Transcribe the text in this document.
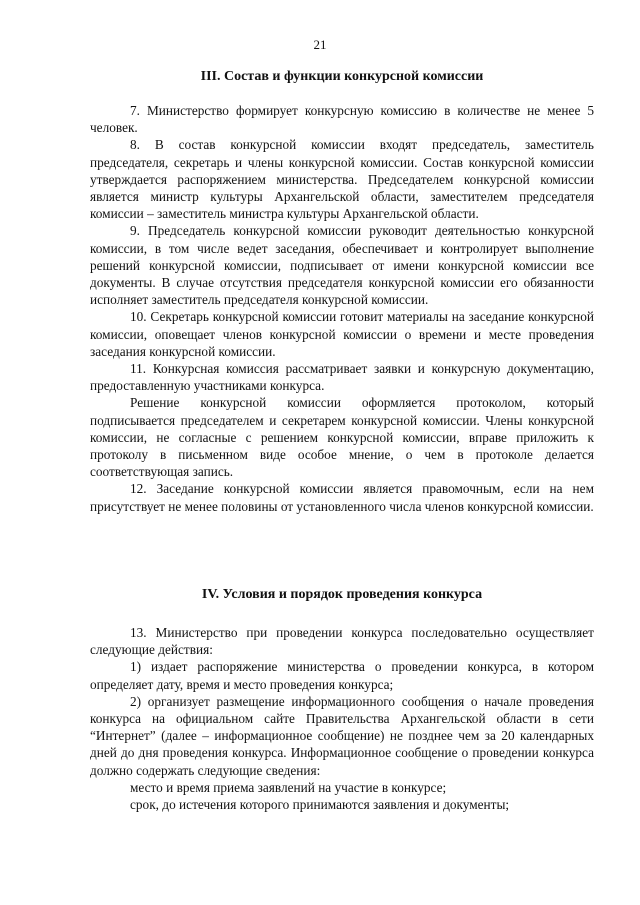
21
III. Состав и функции конкурсной комиссии

7. Министерство формирует конкурсную комиссию в количестве не менее 5 человек.

8. В состав конкурсной комиссии входят председатель, заместитель председателя, секретарь и члены конкурсной комиссии. Состав конкурсной комиссии утверждается распоряжением министерства. Председателем конкурсной комиссии является министр культуры Архангельской области, заместителем председателя комиссии – заместитель министра культуры Архангельской области.

9. Председатель конкурсной комиссии руководит деятельностью конкурсной комиссии, в том числе ведет заседания, обеспечивает и контролирует выполнение решений конкурсной комиссии, подписывает от имени конкурсной комиссии все документы. В случае отсутствия председателя конкурсной комиссии его обязанности исполняет заместитель председателя конкурсной комиссии.

10. Секретарь конкурсной комиссии готовит материалы на заседание конкурсной комиссии, оповещает членов конкурсной комиссии о времени и месте проведения заседания конкурсной комиссии.

11. Конкурсная комиссия рассматривает заявки и конкурсную документацию, предоставленную участниками конкурса.

Решение конкурсной комиссии оформляется протоколом, который подписывается председателем и секретарем конкурсной комиссии. Члены конкурсной комиссии, не согласные с решением конкурсной комиссии, вправе приложить к протоколу в письменном виде особое мнение, о чем в протоколе делается соответствующая запись.

12. Заседание конкурсной комиссии является правомочным, если на нем присутствует не менее половины от установленного числа членов конкурсной комиссии.

IV. Условия и порядок проведения конкурса

13. Министерство при проведении конкурса последовательно осуществляет следующие действия:

1) издает распоряжение министерства о проведении конкурса, в котором определяет дату, время и место проведения конкурса;

2) организует размещение информационного сообщения о начале проведения конкурса на официальном сайте Правительства Архангельской области в сети “Интернет” (далее – информационное сообщение) не позднее чем за 20 календарных дней до дня проведения конкурса. Информационное сообщение о проведении конкурса должно содержать следующие сведения:

место и время приема заявлений на участие в конкурсе;

срок, до истечения которого принимаются заявления и документы;
